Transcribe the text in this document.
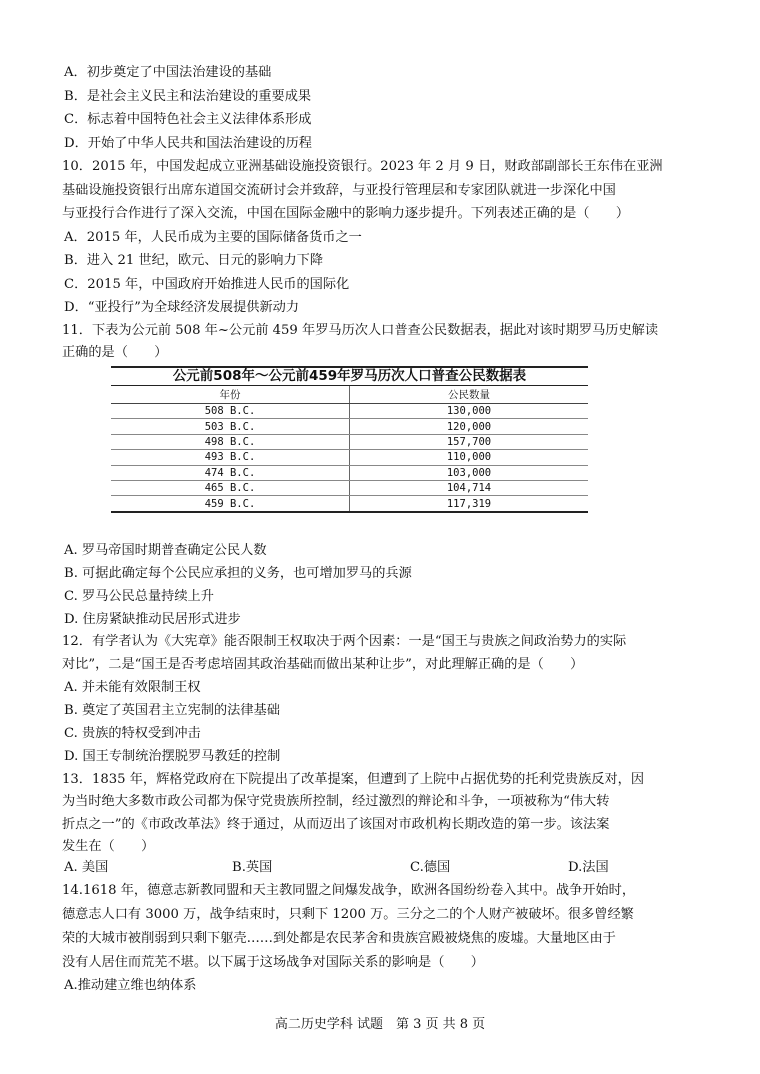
A．初步奠定了中国法治建设的基础
B．是社会主义民主和法治建设的重要成果
C．标志着中国特色社会主义法律体系形成
D．开始了中华人民共和国法治建设的历程
10．2015 年，中国发起成立亚洲基础设施投资银行。2023 年 2 月 9 日，财政部副部长王东伟在亚洲
基础设施投资银行出席东道国交流研讨会并致辞，与亚投行管理层和专家团队就进一步深化中国
与亚投行合作进行了深入交流，中国在国际金融中的影响力逐步提升。下列表述正确的是（　　）
A．2015 年，人民币成为主要的国际储备货币之一
B．进入 21 世纪，欧元、日元的影响力下降
C．2015 年，中国政府开始推进人民币的国际化
D．“亚投行”为全球经济发展提供新动力
11．下表为公元前 508 年~公元前 459 年罗马历次人口普查公民数据表，据此对该时期罗马历史解读
正确的是（　　）
公元前508年～公元前459年罗马历次人口普查公民数据表
年份	公民数量
508 B.C.	130,000
503 B.C.	120,000
498 B.C.	157,700
493 B.C.	110,000
474 B.C.	103,000
465 B.C.	104,714
459 B.C.	117,319
A. 罗马帝国时期普查确定公民人数
B. 可据此确定每个公民应承担的义务，也可增加罗马的兵源
C. 罗马公民总量持续上升
D. 住房紧缺推动民居形式进步
12．有学者认为《大宪章》能否限制王权取决于两个因素：一是“国王与贵族之间政治势力的实际
对比”，二是“国王是否考虑培固其政治基础而做出某种让步”，对此理解正确的是（　　）
A. 并未能有效限制王权
B. 奠定了英国君主立宪制的法律基础
C. 贵族的特权受到冲击
D. 国王专制统治摆脱罗马教廷的控制
13．1835 年，辉格党政府在下院提出了改革提案，但遭到了上院中占据优势的托利党贵族反对，因
为当时绝大多数市政公司都为保守党贵族所控制，经过激烈的辩论和斗争，一项被称为“伟大转
折点之一”的《市政改革法》终于通过，从而迈出了该国对市政机构长期改造的第一步。该法案
发生在（　　）
A. 美国	B.英国	C.德国	D.法国
14.1618 年，德意志新教同盟和天主教同盟之间爆发战争，欧洲各国纷纷卷入其中。战争开始时，
德意志人口有 3000 万，战争结束时，只剩下 1200 万。三分之二的个人财产被破坏。很多曾经繁
荣的大城市被削弱到只剩下躯壳……到处都是农民茅舍和贵族宫殿被烧焦的废墟。大量地区由于
没有人居住而荒芜不堪。以下属于这场战争对国际关系的影响是（　　）
A.推动建立维也纳体系
高二历史学科 试题　第 3 页 共 8 页
